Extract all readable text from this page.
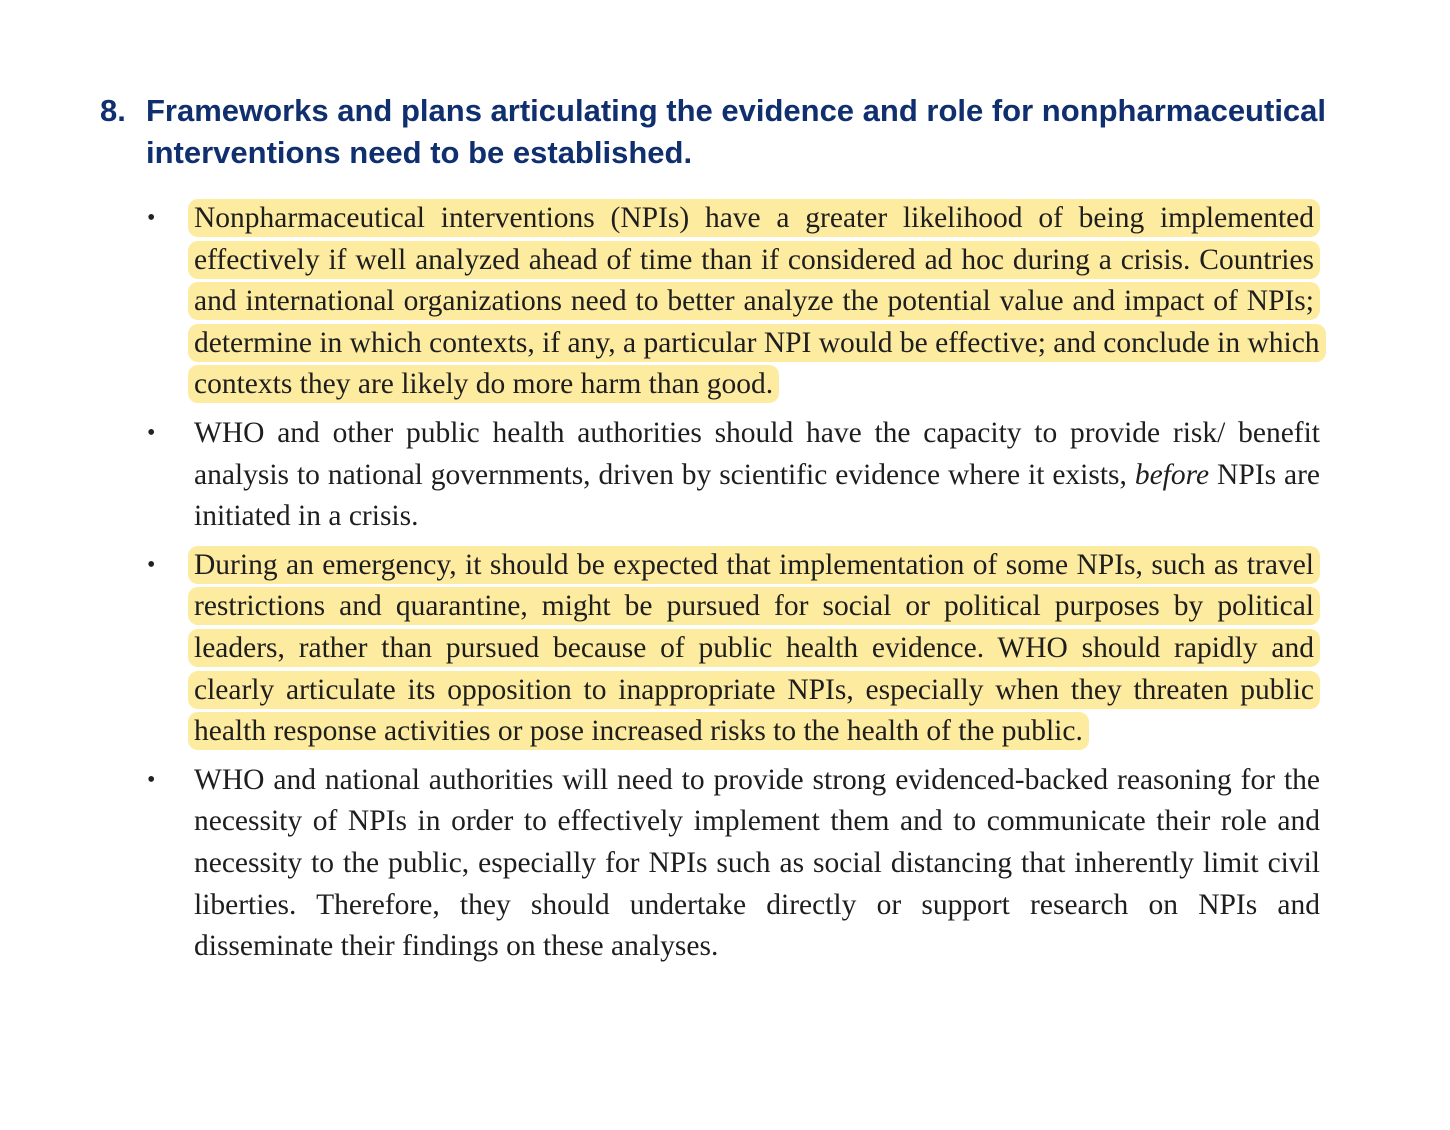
8. Frameworks and plans articulating the evidence and role for nonpharmaceutical interventions need to be established.
• Nonpharmaceutical interventions (NPIs) have a greater likelihood of being implemented effectively if well analyzed ahead of time than if considered ad hoc during a crisis. Countries and international organizations need to better analyze the potential value and impact of NPIs; determine in which contexts, if any, a particular NPI would be effective; and conclude in which contexts they are likely do more harm than good.
• WHO and other public health authorities should have the capacity to provide risk/ benefit analysis to national governments, driven by scientific evidence where it exists, before NPIs are initiated in a crisis.
• During an emergency, it should be expected that implementation of some NPIs, such as travel restrictions and quarantine, might be pursued for social or political purposes by political leaders, rather than pursued because of public health evidence. WHO should rapidly and clearly articulate its opposition to inappropriate NPIs, especially when they threaten public health response activities or pose increased risks to the health of the public.
• WHO and national authorities will need to provide strong evidenced-backed reasoning for the necessity of NPIs in order to effectively implement them and to communicate their role and necessity to the public, especially for NPIs such as social distancing that inherently limit civil liberties. Therefore, they should undertake directly or support research on NPIs and disseminate their findings on these analyses.
